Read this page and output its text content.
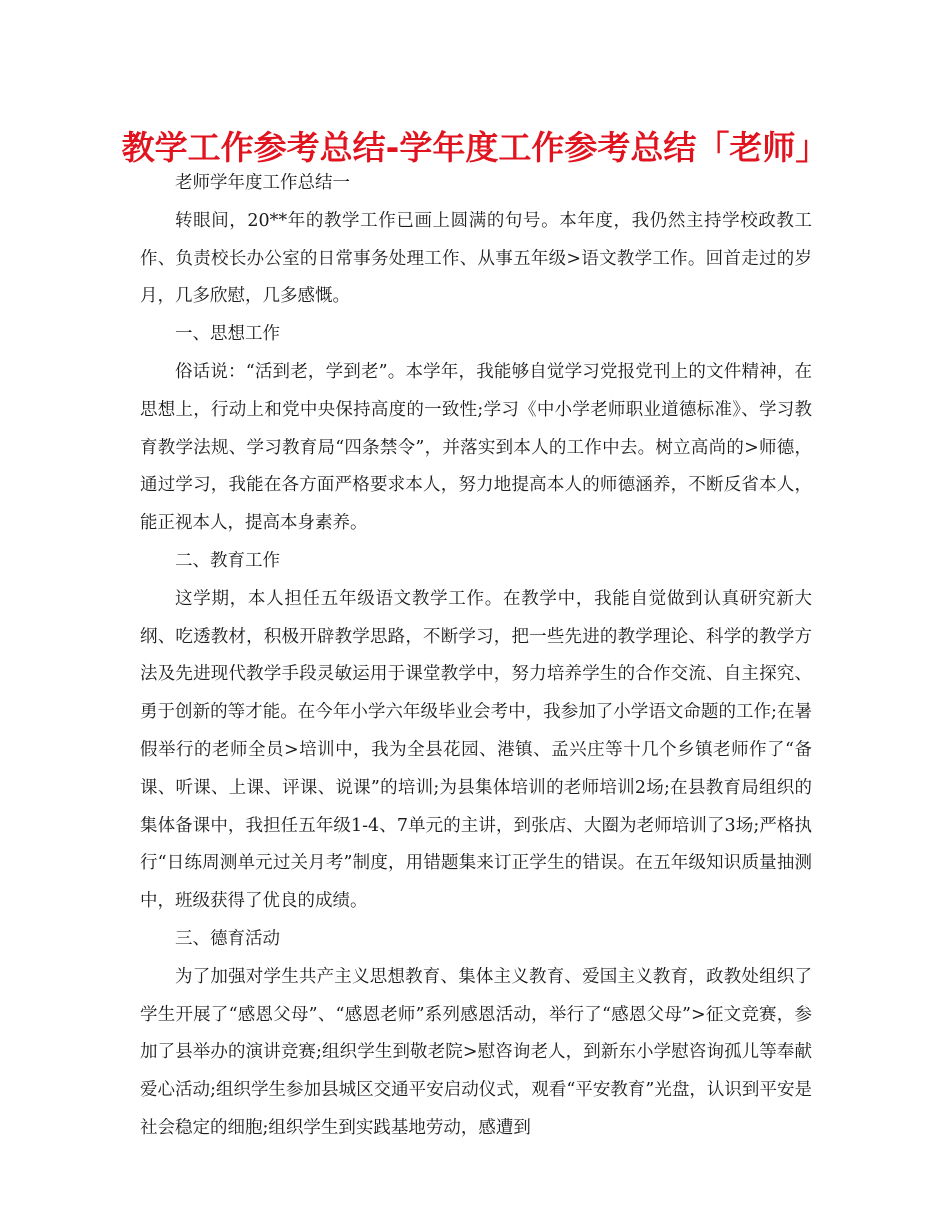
教学工作参考总结-学年度工作参考总结「老师」

老师学年度工作总结一

转眼间，20**年的教学工作已画上圆满的句号。本年度，我仍然主持学校政教工作、负责校长办公室的日常事务处理工作、从事五年级>语文教学工作。回首走过的岁月，几多欣慰，几多感慨。

一、思想工作

俗话说：“活到老，学到老”。本学年，我能够自觉学习党报党刊上的文件精神，在思想上，行动上和党中央保持高度的一致性;学习《中小学老师职业道德标准》、学习教育教学法规、学习教育局“四条禁令”，并落实到本人的工作中去。树立高尚的>师德，通过学习，我能在各方面严格要求本人，努力地提高本人的师德涵养，不断反省本人，能正视本人，提高本身素养。

二、教育工作

这学期，本人担任五年级语文教学工作。在教学中，我能自觉做到认真研究新大纲、吃透教材，积极开辟教学思路，不断学习，把一些先进的教学理论、科学的教学方法及先进现代教学手段灵敏运用于课堂教学中，努力培养学生的合作交流、自主探究、勇于创新的等才能。在今年小学六年级毕业会考中，我参加了小学语文命题的工作;在暑假举行的老师全员>培训中，我为全县花园、港镇、孟兴庄等十几个乡镇老师作了“备课、听课、上课、评课、说课”的培训;为县集体培训的老师培训2场;在县教育局组织的集体备课中，我担任五年级1-4、7单元的主讲，到张店、大圈为老师培训了3场;严格执行“日练周测单元过关月考”制度，用错题集来订正学生的错误。在五年级知识质量抽测中，班级获得了优良的成绩。

三、德育活动

为了加强对学生共产主义思想教育、集体主义教育、爱国主义教育，政教处组织了学生开展了“感恩父母”、“感恩老师”系列感恩活动，举行了“感恩父母”>征文竞赛，参加了县举办的演讲竞赛;组织学生到敬老院>慰咨询老人，到新东小学慰咨询孤儿等奉献爱心活动;组织学生参加县城区交通平安启动仪式，观看“平安教育”光盘，认识到平安是社会稳定的细胞;组织学生到实践基地劳动，感遭到
